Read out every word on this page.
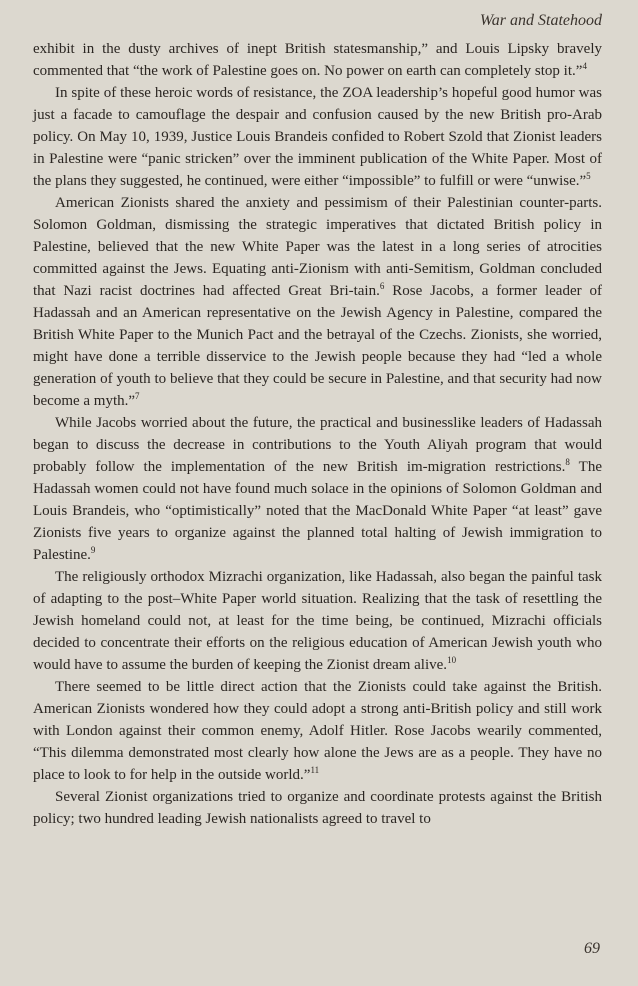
War and Statehood

exhibit in the dusty archives of inept British statesmanship,” and Louis Lipsky bravely commented that “the work of Palestine goes on. No power on earth can completely stop it.”$^4$

In spite of these heroic words of resistance, the ZOA leadership’s hopeful good humor was just a facade to camouflage the despair and confusion caused by the new British pro-Arab policy. On May 10, 1939, Justice Louis Brandeis confided to Robert Szold that Zionist leaders in Palestine were “panic stricken” over the imminent publication of the White Paper. Most of the plans they suggested, he continued, were either “impossible” to fulfill or were “unwise.”$^5$

American Zionists shared the anxiety and pessimism of their Palestinian counter-parts. Solomon Goldman, dismissing the strategic imperatives that dictated British policy in Palestine, believed that the new White Paper was the latest in a long series of atrocities committed against the Jews. Equating anti-Zionism with anti-Semitism, Goldman concluded that Nazi racist doctrines had affected Great Bri-tain.$^6$ Rose Jacobs, a former leader of Hadassah and an American representative on the Jewish Agency in Palestine, compared the British White Paper to the Munich Pact and the betrayal of the Czechs. Zionists, she worried, might have done a terrible disservice to the Jewish people because they had “led a whole generation of youth to believe that they could be secure in Palestine, and that security had now become a myth.”$^7$

While Jacobs worried about the future, the practical and businesslike leaders of Hadassah began to discuss the decrease in contributions to the Youth Aliyah program that would probably follow the implementation of the new British im-migration restrictions.$^8$ The Hadassah women could not have found much solace in the opinions of Solomon Goldman and Louis Brandeis, who “optimistically” noted that the MacDonald White Paper “at least” gave Zionists five years to organize against the planned total halting of Jewish immigration to Palestine.$^9$

The religiously orthodox Mizrachi organization, like Hadassah, also began the painful task of adapting to the post–White Paper world situation. Realizing that the task of resettling the Jewish homeland could not, at least for the time being, be continued, Mizrachi officials decided to concentrate their efforts on the religious education of American Jewish youth who would have to assume the burden of keeping the Zionist dream alive.$^{10}$

There seemed to be little direct action that the Zionists could take against the British. American Zionists wondered how they could adopt a strong anti-British policy and still work with London against their common enemy, Adolf Hitler. Rose Jacobs wearily commented, “This dilemma demonstrated most clearly how alone the Jews are as a people. They have no place to look to for help in the outside world.”$^{11}$

Several Zionist organizations tried to organize and coordinate protests against the British policy; two hundred leading Jewish nationalists agreed to travel to

69
